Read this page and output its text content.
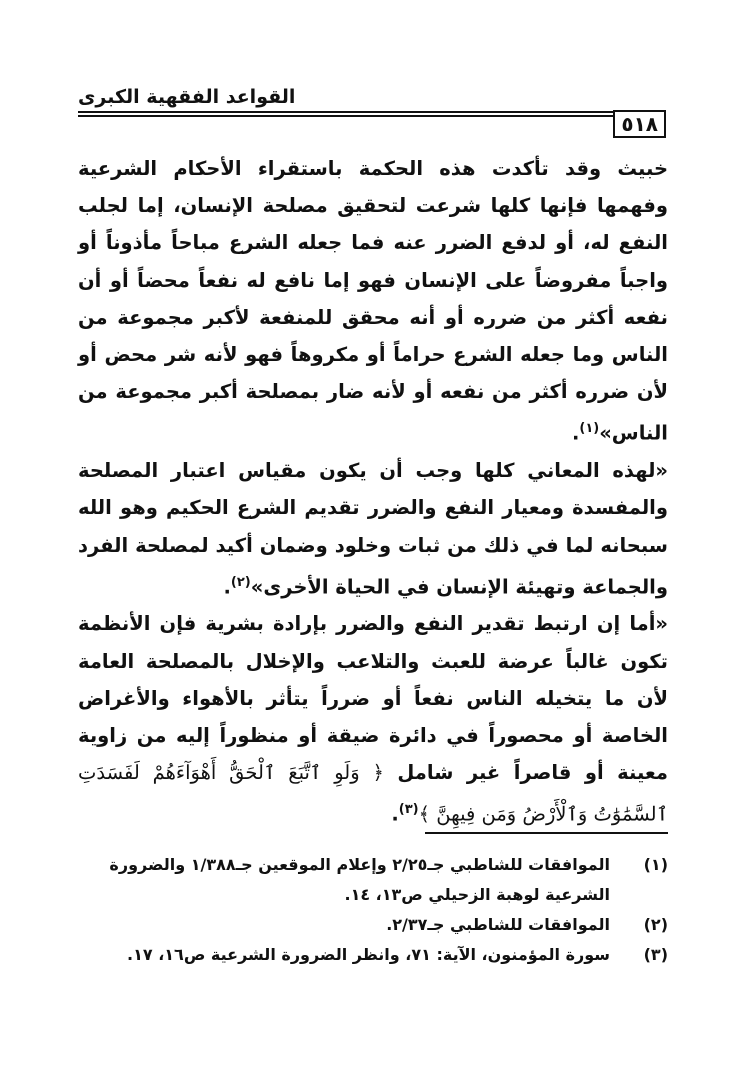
٥١٨
القواعد الفقهية الكبرى

خبيث وقد تأكدت هذه الحكمة باستقراء الأحكام الشرعية وفهمها فإنها كلها شرعت لتحقيق مصلحة الإنسان، إما لجلب النفع له، أو لدفع الضرر عنه فما جعله الشرع مباحاً مأذوناً أو واجباً مفروضاً على الإنسان فهو إما نافع له نفعاً محضاً أو أن نفعه أكثر من ضرره أو أنه محقق للمنفعة لأكبر مجموعة من الناس وما جعله الشرع حراماً أو مكروهاً فهو لأنه شر محض أو لأن ضرره أكثر من نفعه أو لأنه ضار بمصلحة أكبر مجموعة من الناس»$^{(١)}$.

«لهذه المعاني كلها وجب أن يكون مقياس اعتبار المصلحة والمفسدة ومعيار النفع والضرر تقديم الشرع الحكيم وهو الله سبحانه لما في ذلك من ثبات وخلود وضمان أكيد لمصلحة الفرد والجماعة وتهيئة الإنسان في الحياة الأخرى»$^{(٢)}$.

«أما إن ارتبط تقدير النفع والضرر بإرادة بشرية فإن الأنظمة تكون غالباً عرضة للعبث والتلاعب والإخلال بالمصلحة العامة لأن ما يتخيله الناس نفعاً أو ضرراً يتأثر بالأهواء والأغراض الخاصة أو محصوراً في دائرة ضيقة أو منظوراً إليه من زاوية معينة أو قاصراً غير شامل ﴿ وَلَوِ ٱتَّبَعَ ٱلْحَقُّ أَهْوَآءَهُمْ لَفَسَدَتِ ٱلسَّمَٰوَٰتُ وَٱلْأَرْضُ وَمَن فِيهِنَّ ﴾$^{(٣)}$.

(١)
الموافقات للشاطبي جـ٢/٢٥ وإعلام الموقعين جـ١/٣٨٨ والضرورة الشرعية لوهبة الزحيلي ص١٣، ١٤.
(٢)
الموافقات للشاطبي جـ٢/٣٧.
(٣)
سورة المؤمنون، الآية: ٧١، وانظر الضرورة الشرعية ص١٦، ١٧.
